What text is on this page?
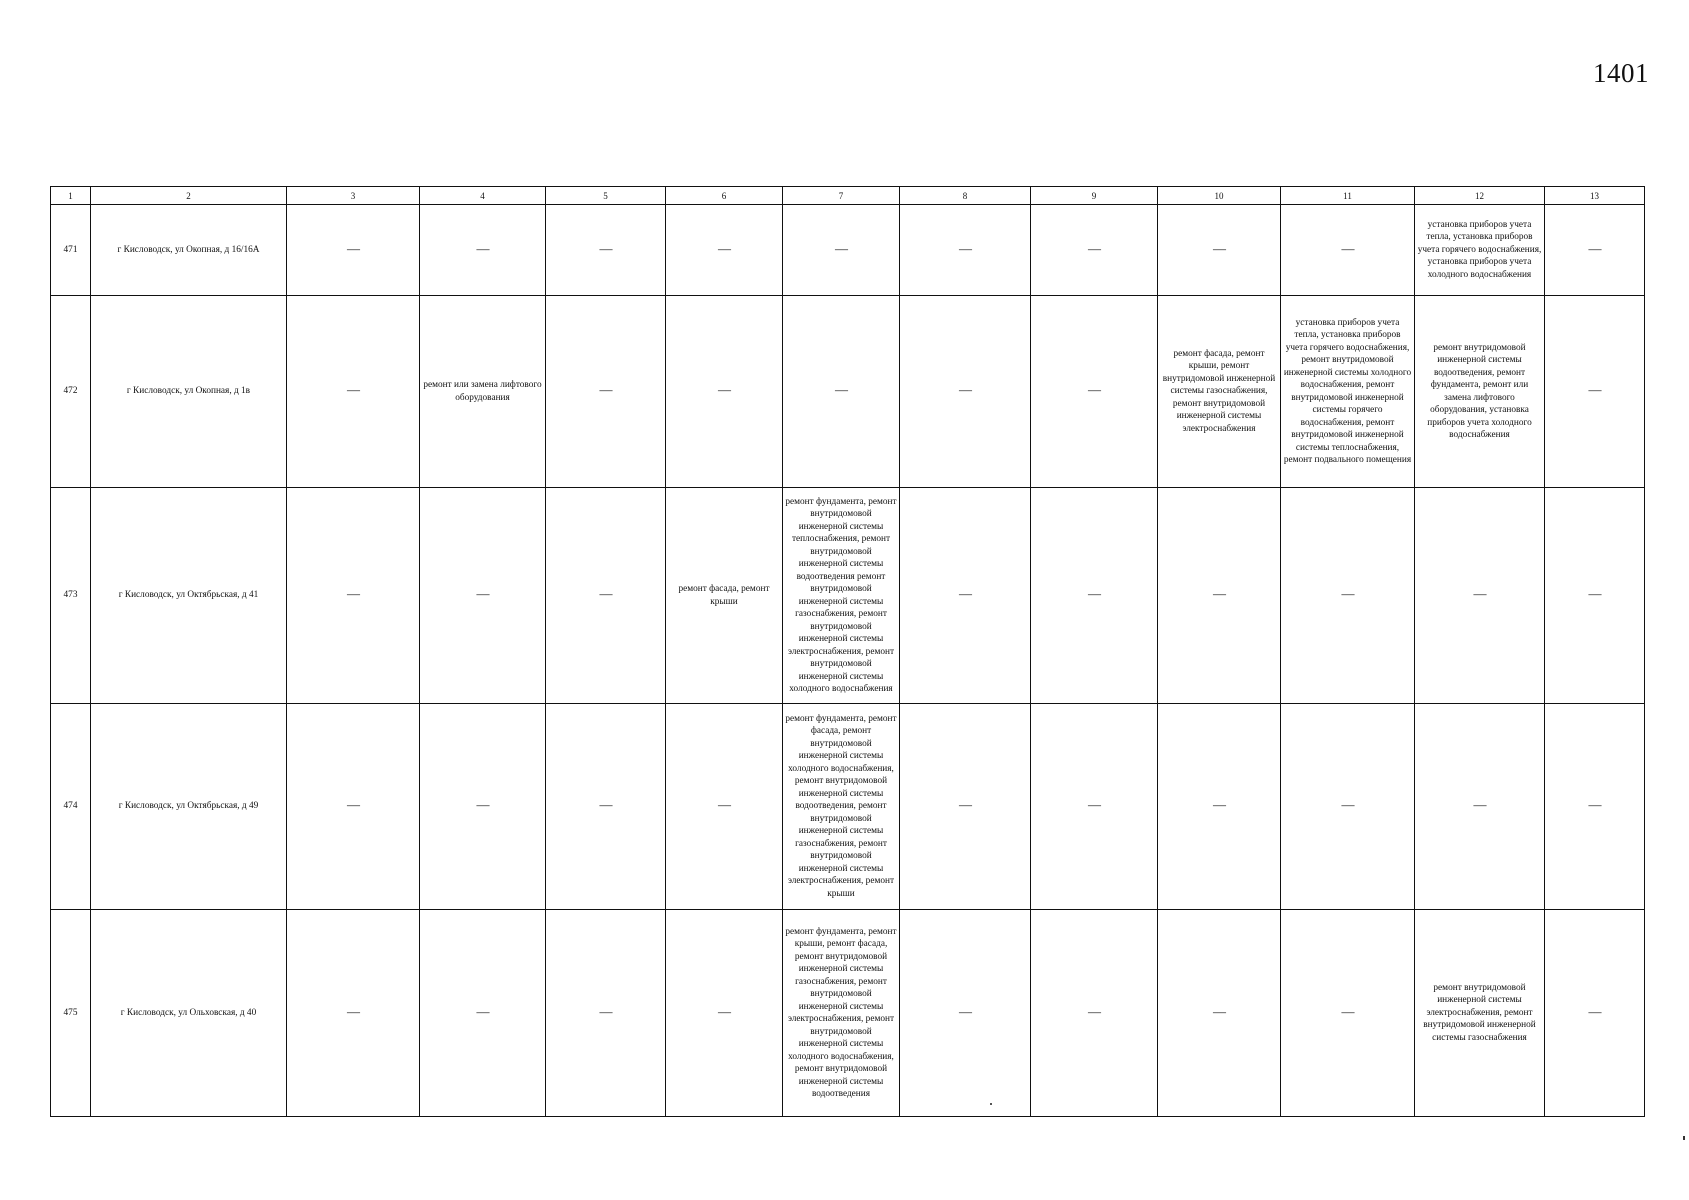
1401
1	2	3	4	5	6	7	8	9	10	11	12	13
471	г Кисловодск, ул Окопная, д 16/16А	—	—	—	—	—	—	—	—	—	установка приборов учета тепла, установка приборов учета горячего водоснабжения, установка приборов учета холодного водоснабжения	—
472	г Кисловодск, ул Окопная, д 1в	—	ремонт или замена лифтового оборудования	—	—	—	—	—	ремонт фасада, ремонт крыши, ремонт внутридомовой инженерной системы газоснабжения, ремонт внутридомовой инженерной системы электроснабжения	установка приборов учета тепла, установка приборов учета горячего водоснабжения, ремонт внутридомовой инженерной системы холодного водоснабжения, ремонт внутридомовой инженерной системы горячего водоснабжения, ремонт внутридомовой инженерной системы теплоснабжения, ремонт подвального помещения	ремонт внутридомовой инженерной системы водоотведения, ремонт фундамента, ремонт или замена лифтового оборудования, установка приборов учета холодного водоснабжения	—
473	г Кисловодск, ул Октябрьская, д 41	—	—	—	ремонт фасада, ремонт крыши	ремонт фундамента, ремонт внутридомовой инженерной системы теплоснабжения, ремонт внутридомовой инженерной системы водоотведения ремонт внутридомовой инженерной системы газоснабжения, ремонт внутридомовой инженерной системы электроснабжения, ремонт внутридомовой инженерной системы холодного водоснабжения	—	—	—	—	—	—
474	г Кисловодск, ул Октябрьская, д 49	—	—	—	—	ремонт фундамента, ремонт фасада, ремонт внутридомовой инженерной системы холодного водоснабжения, ремонт внутридомовой инженерной системы водоотведения, ремонт внутридомовой инженерной системы газоснабжения, ремонт внутридомовой инженерной системы электроснабжения, ремонт крыши	—	—	—	—	—	—
475	г Кисловодск, ул Ольховская, д 40	—	—	—	—	ремонт фундамента, ремонт крыши, ремонт фасада, ремонт внутридомовой инженерной системы газоснабжения, ремонт внутридомовой инженерной системы электроснабжения, ремонт внутридомовой инженерной системы холодного водоснабжения, ремонт внутридомовой инженерной системы водоотведения	—	—	—	—	ремонт внутридомовой инженерной системы электроснабжения, ремонт внутридомовой инженерной системы газоснабжения	—
